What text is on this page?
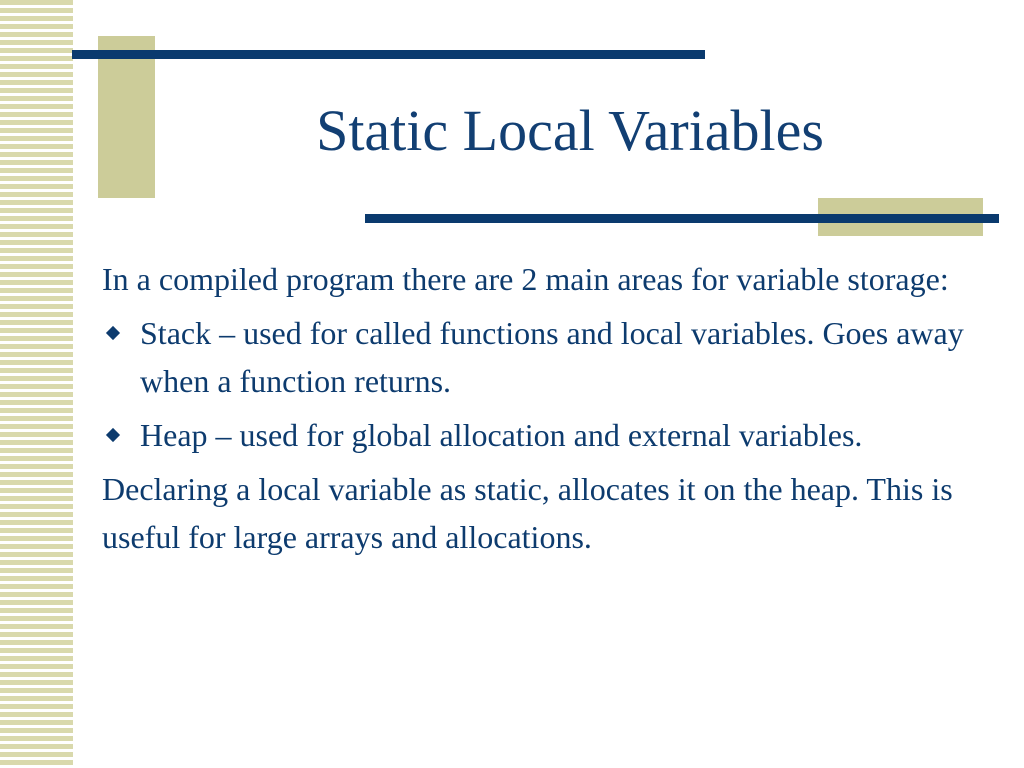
Static Local Variables

In a compiled program there are 2 main areas for variable storage:

Stack – used for called functions and local variables. Goes away when a function returns.
Heap – used for global allocation and external variables.

Declaring a local variable as static, allocates it on the heap. This is useful for large arrays and allocations.
